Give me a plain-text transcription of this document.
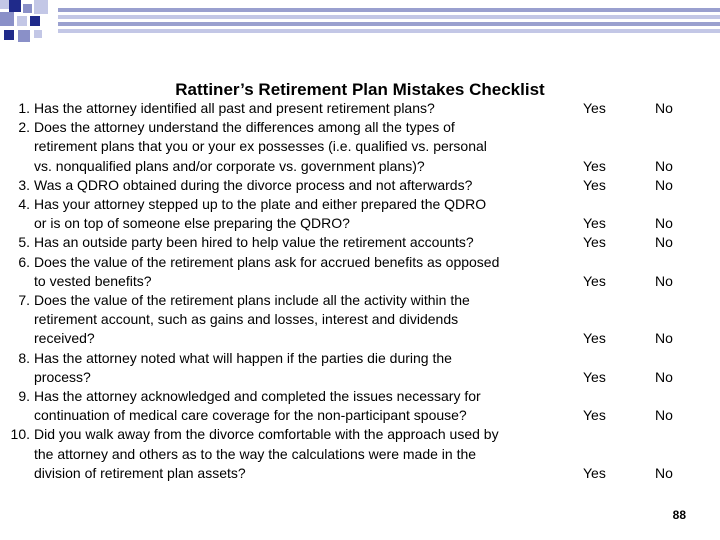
Rattiner’s Retirement Plan Mistakes Checklist
1. Has the attorney identified all past and present retirement plans?	Yes	No
2. Does the attorney understand the differences among all the types of
retirement plans that you or your ex possesses (i.e. qualified vs. personal
vs. nonqualified plans and/or corporate vs. government plans)?	Yes	No
3. Was a QDRO obtained during the divorce process and not afterwards?	Yes	No
4. Has your attorney stepped up to the plate and either prepared the QDRO
or is on top of someone else preparing the QDRO?	Yes	No
5. Has an outside party been hired to help value the retirement accounts?	Yes	No
6. Does the value of the retirement plans ask for accrued benefits as opposed
to vested benefits?	Yes	No
7. Does the value of the retirement plans include all the activity within the
retirement account, such as gains and losses, interest and dividends
received?	Yes	No
8. Has the attorney noted what will happen if the parties die during the
process?	Yes	No
9. Has the attorney acknowledged and completed the issues necessary for
continuation of medical care coverage for the non-participant spouse?	Yes	No
10. Did you walk away from the divorce comfortable with the approach used by
the attorney and others as to the way the calculations were made in the
division of retirement plan assets?	Yes	No
88
